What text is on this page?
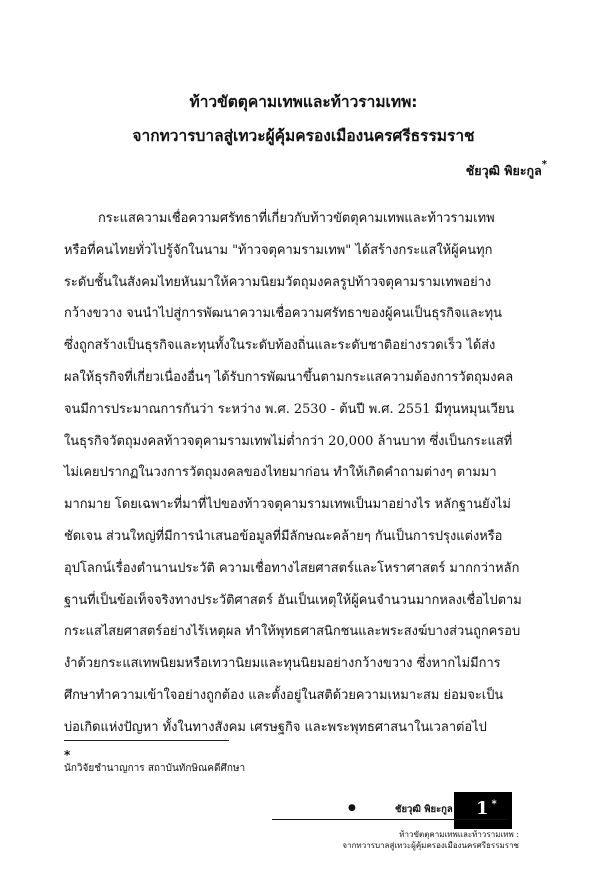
ท้าวขัตตุคามเทพและท้าวรามเทพ:
จากทวารบาลสู่เทวะผู้คุ้มครองเมืองนครศรีธรรมราช
ชัยวุฒิ พิยะกูล*
กระแสความเชื่อความศรัทธาที่เกี่ยวกับท้าวขัตตุคามเทพและท้าวรามเทพ
หรือที่คนไทยทั่วไปรู้จักในนาม "ท้าวจตุคามรามเทพ" ได้สร้างกระแสให้ผู้คนทุก
ระดับชั้นในสังคมไทยหันมาให้ความนิยมวัตถุมงคลรูปท้าวจตุคามรามเทพอย่าง
กว้างขวาง จนนำไปสู่การพัฒนาความเชื่อความศรัทธาของผู้คนเป็นธุรกิจและทุน
ซึ่งถูกสร้างเป็นธุรกิจและทุนทั้งในระดับท้องถิ่นและระดับชาติอย่างรวดเร็ว ได้ส่ง
ผลให้ธุรกิจที่เกี่ยวเนื่องอื่นๆ ได้รับการพัฒนาขึ้นตามกระแสความต้องการวัตถุมงคล
จนมีการประมาณการกันว่า ระหว่าง พ.ศ. 2530 - ต้นปี พ.ศ. 2551 มีทุนหมุนเวียน
ในธุรกิจวัตถุมงคลท้าวจตุคามรามเทพไม่ต่ำกว่า 20,000 ล้านบาท ซึ่งเป็นกระแสที่
ไม่เคยปรากฏในวงการวัตถุมงคลของไทยมาก่อน ทำให้เกิดคำถามต่างๆ ตามมา
มากมาย โดยเฉพาะที่มาที่ไปของท้าวจตุคามรามเทพเป็นมาอย่างไร หลักฐานยังไม่
ชัดเจน ส่วนใหญ่ที่มีการนำเสนอข้อมูลที่มีลักษณะคล้ายๆ กันเป็นการปรุงแต่งหรือ
อุปโลกน์เรื่องตำนานประวัติ ความเชื่อทางไสยศาสตร์และโหราศาสตร์ มากกว่าหลัก
ฐานที่เป็นข้อเท็จจริงทางประวัติศาสตร์ อันเป็นเหตุให้ผู้คนจำนวนมากหลงเชื่อไปตาม
กระแสไสยศาสตร์อย่างไร้เหตุผล ทำให้พุทธศาสนิกชนและพระสงฆ์บางส่วนถูกครอบ
งำด้วยกระแสเทพนิยมหรือเทวานิยมและทุนนิยมอย่างกว้างขวาง ซึ่งหากไม่มีการ
ศึกษาทำความเข้าใจอย่างถูกต้อง และตั้งอยู่ในสติด้วยความเหมาะสม ย่อมจะเป็น
บ่อเกิดแห่งปัญหา ทั้งในทางสังคม เศรษฐกิจ และพระพุทธศาสนาในเวลาต่อไป
*
นักวิจัยชำนาญการ สถาบันทักษิณคดีศึกษา
●	ชัยวุฒิ พิยะกูล	1 *
ท้าวขัตตุคามเทพและท้าวรามเทพ :
จากทวารบาลสู่เทวะผู้คุ้มครองเมืองนครศรีธรรมราช
